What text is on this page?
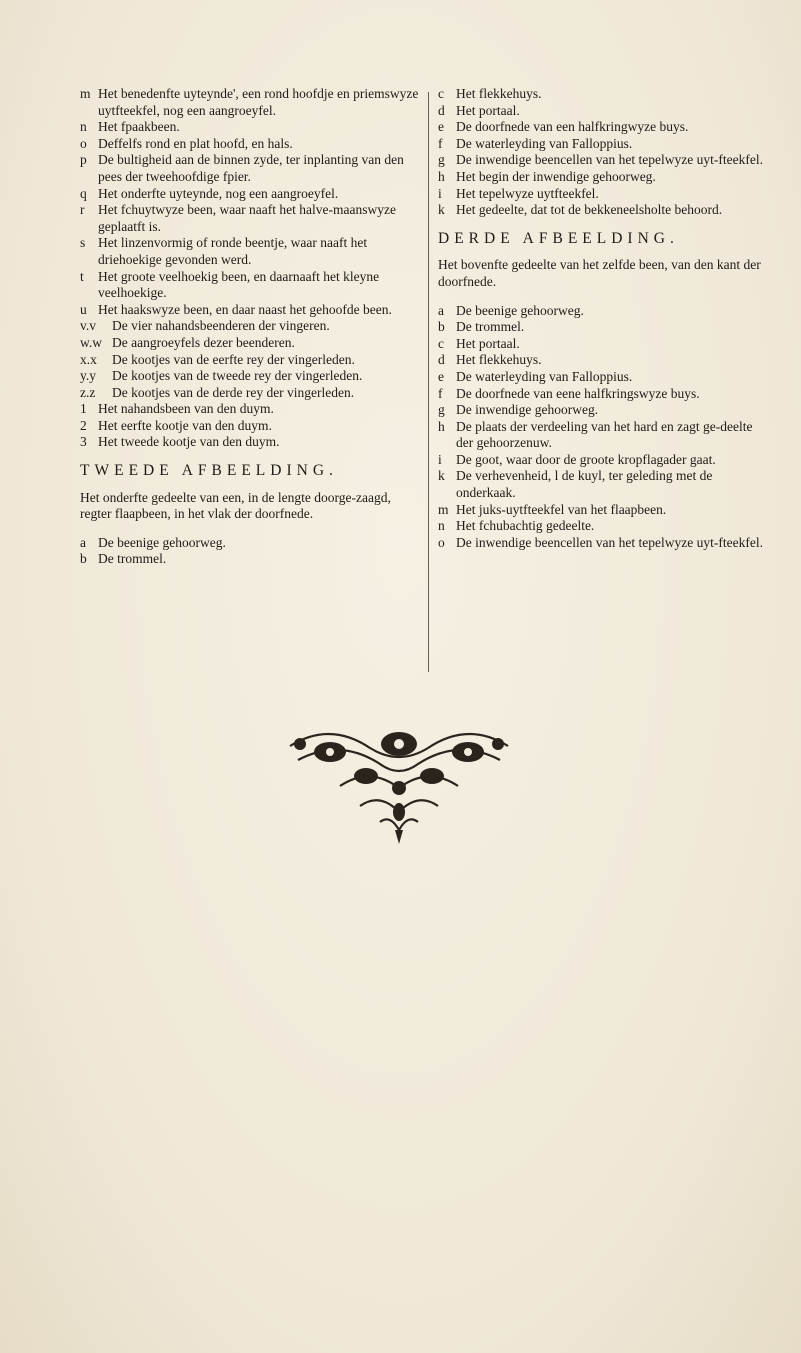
m Het benedenfte uyteynde', een rond hoofdje en priemswyze uytfteekfel, nog een aangroeyfel.
n Het fpaakbeen.
o Deffelfs rond en plat hoofd, en hals.
p De bultigheid aan de binnen zyde, ter inplanting van den pees der tweehoofdige fpier.
q Het onderfte uyteynde, nog een aangroeyfel.
r	Het fchuytwyze been, waar naaft het halve-maanswyze geplaatft is.
s Het linzenvormig of ronde beentje, waar naaft het driehoekige gevonden werd.
t	Het groote veelhoekig been, en daarnaaft het kleyne veelhoekige.
u Het haakswyze been, en daar naast het gehoofde been.
v.v	De vier nahandsbeenderen der vingeren.
w.w De aangroeyfels dezer beenderen.
x.x	De kootjes van de eerfte rey der vingerleden.
y.y	De kootjes van de tweede rey der vingerleden.
z.z	De kootjes van de derde rey der vingerleden.
1 Het nahandsbeen van den duym.
2 Het eerfte kootje van den duym.
3 Het tweede kootje van den duym.
TWEEDE AFBEELDING.
Het onderfte gedeelte van een, in de lengte doorge-zaagd, regter flaapbeen, in het vlak der doorfnede.
a De beenige gehoorweg.
b De trommel.
c Het flekkehuys.
d Het portaal.
e De doorfnede van een halfkringwyze buys.
f	De waterleyding van Falloppius.
g De inwendige beencellen van het tepelwyze uyt-fteekfel.
h Het begin der inwendige gehoorweg.
i	Het tepelwyze uytfteekfel.
k Het gedeelte, dat tot de bekkeneelsholte behoord.
DERDE AFBEELDING.
Het bovenfte gedeelte van het zelfde been, van den kant der doorfnede.
a De beenige gehoorweg.
b De trommel.
c Het portaal.
d Het flekkehuys.
e De waterleyding van Falloppius.
f	De doorfnede van eene halfkringswyze buys.
g De inwendige gehoorweg.
h De plaats der verdeeling van het hard en zagt ge-deelte der gehoorzenuw.
i	De goot, waar door de groote kropflagader gaat.
k De verhevenheid, l de kuyl, ter geleding met de onderkaak.
m Het juks-uytfteekfel van het flaapbeen.
n Het fchubachtig gedeelte.
o De inwendige beencellen van het tepelwyze uyt-fteekfel.
